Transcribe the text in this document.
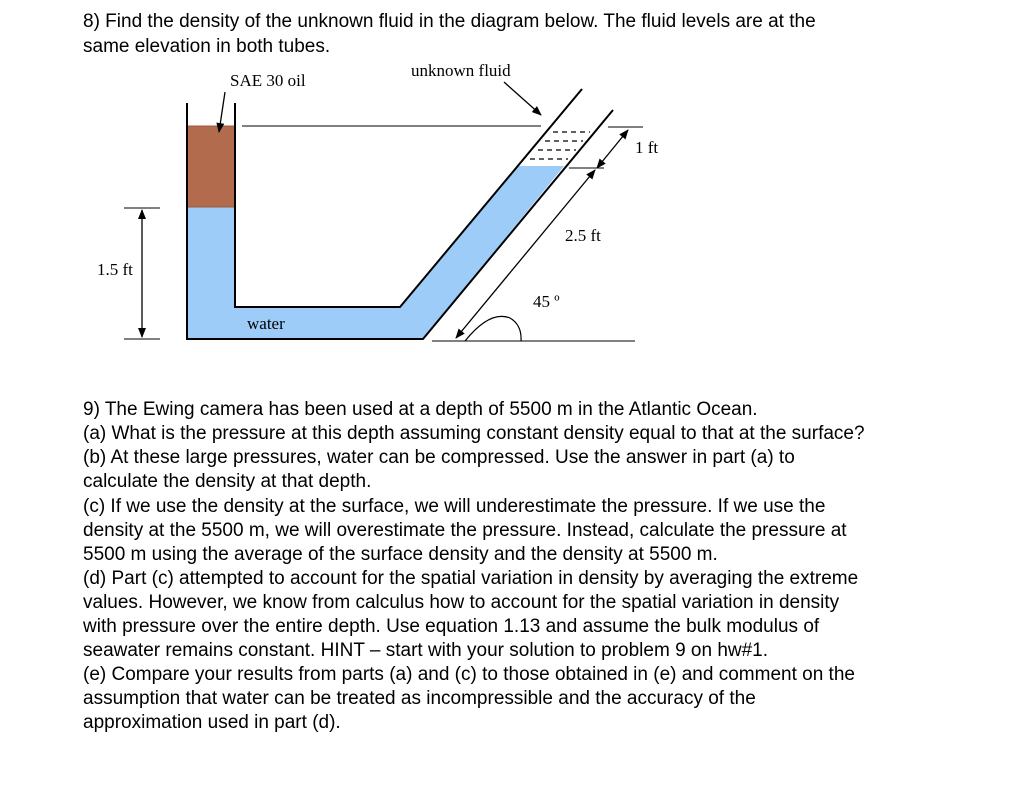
8) Find the density of the unknown fluid in the diagram below. The fluid levels are at the
same elevation in both tubes.
SAE 30 oil
unknown fluid
water
1.5 ft
1 ft
2.5 ft
45 º
9) The Ewing camera has been used at a depth of 5500 m in the Atlantic Ocean.
(a) What is the pressure at this depth assuming constant density equal to that at the surface?
(b) At these large pressures, water can be compressed. Use the answer in part (a) to
calculate the density at that depth.
(c) If we use the density at the surface, we will underestimate the pressure. If we use the
density at the 5500 m, we will overestimate the pressure. Instead, calculate the pressure at
5500 m using the average of the surface density and the density at 5500 m.
(d) Part (c) attempted to account for the spatial variation in density by averaging the extreme
values. However, we know from calculus how to account for the spatial variation in density
with pressure over the entire depth. Use equation 1.13 and assume the bulk modulus of
seawater remains constant. HINT – start with your solution to problem 9 on hw#1.
(e) Compare your results from parts (a) and (c) to those obtained in (e) and comment on the
assumption that water can be treated as incompressible and the accuracy of the
approximation used in part (d).
